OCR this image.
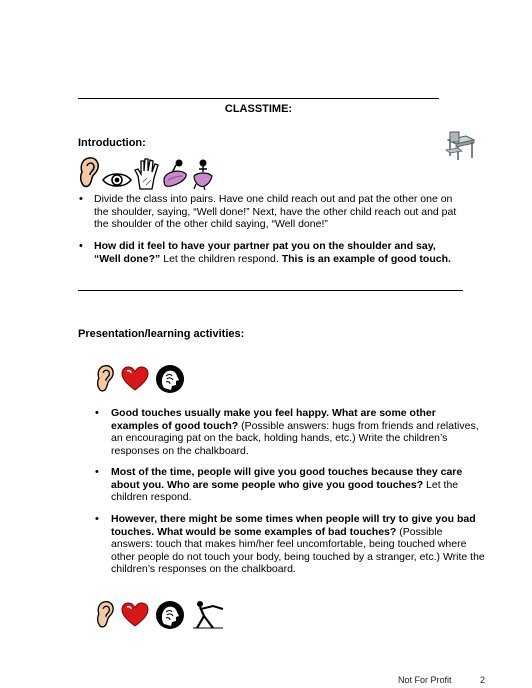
CLASSTIME:
Introduction:
• Divide the class into pairs. Have one child reach out and pat the other one on the shoulder, saying, “Well done!” Next, have the other child reach out and pat the shoulder of the other child saying, “Well done!”
• How did it feel to have your partner pat you on the shoulder and say, “Well done?” Let the children respond. This is an example of good touch.
Presentation/learning activities:
• Good touches usually make you feel happy. What are some other examples of good touch? (Possible answers: hugs from friends and relatives, an encouraging pat on the back, holding hands, etc.) Write the children’s responses on the chalkboard.
• Most of the time, people will give you good touches because they care about you. Who are some people who give you good touches? Let the children respond.
• However, there might be some times when people will try to give you bad touches. What would be some examples of bad touches? (Possible answers: touch that makes him/her feel uncomfortable, being touched where other people do not touch your body, being touched by a stranger, etc.) Write the children’s responses on the chalkboard.
Not For Profit	2
